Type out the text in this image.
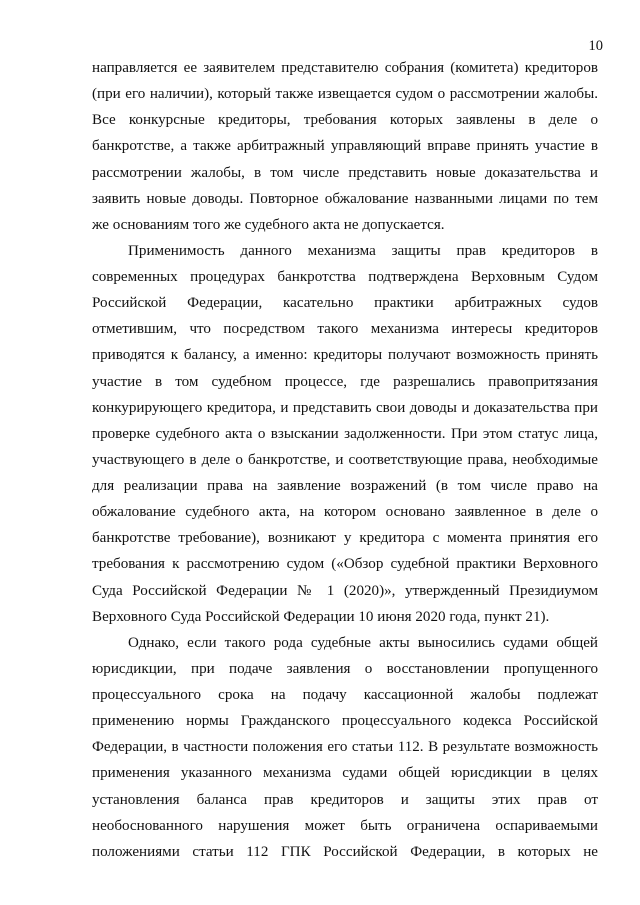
10
направляется ее заявителем представителю собрания (комитета) кредиторов
(при его наличии), который также извещается судом о рассмотрении жалобы.
Все конкурсные кредиторы, требования которых заявлены в деле о
банкротстве, а также арбитражный управляющий вправе принять участие в
рассмотрении жалобы, в том числе представить новые доказательства и
заявить новые доводы. Повторное обжалование названными лицами по тем
же основаниям того же судебного акта не допускается.
Применимость данного механизма защиты прав кредиторов в
современных процедурах банкротства подтверждена Верховным Судом
Российской Федерации, касательно практики арбитражных судов
отметившим, что посредством такого механизма интересы кредиторов
приводятся к балансу, а именно: кредиторы получают возможность принять
участие в том судебном процессе, где разрешались правопритязания
конкурирующего кредитора, и представить свои доводы и доказательства при
проверке судебного акта о взыскании задолженности. При этом статус лица,
участвующего в деле о банкротстве, и соответствующие права, необходимые
для реализации права на заявление возражений (в том числе право на
обжалование судебного акта, на котором основано заявленное в деле о
банкротстве требование), возникают у кредитора с момента принятия его
требования к рассмотрению судом («Обзор судебной практики Верховного
Суда Российской Федерации № 1 (2020)», утвержденный Президиумом
Верховного Суда Российской Федерации 10 июня 2020 года, пункт 21).
Однако, если такого рода судебные акты выносились судами общей
юрисдикции, при подаче заявления о восстановлении пропущенного
процессуального срока на подачу кассационной жалобы подлежат
применению нормы Гражданского процессуального кодекса Российской
Федерации, в частности положения его статьи 112. В результате возможность
применения указанного механизма судами общей юрисдикции в целях
установления баланса прав кредиторов и защиты этих прав от
необоснованного нарушения может быть ограничена оспариваемыми
положениями статьи 112 ГПК Российской Федерации, в которых не
